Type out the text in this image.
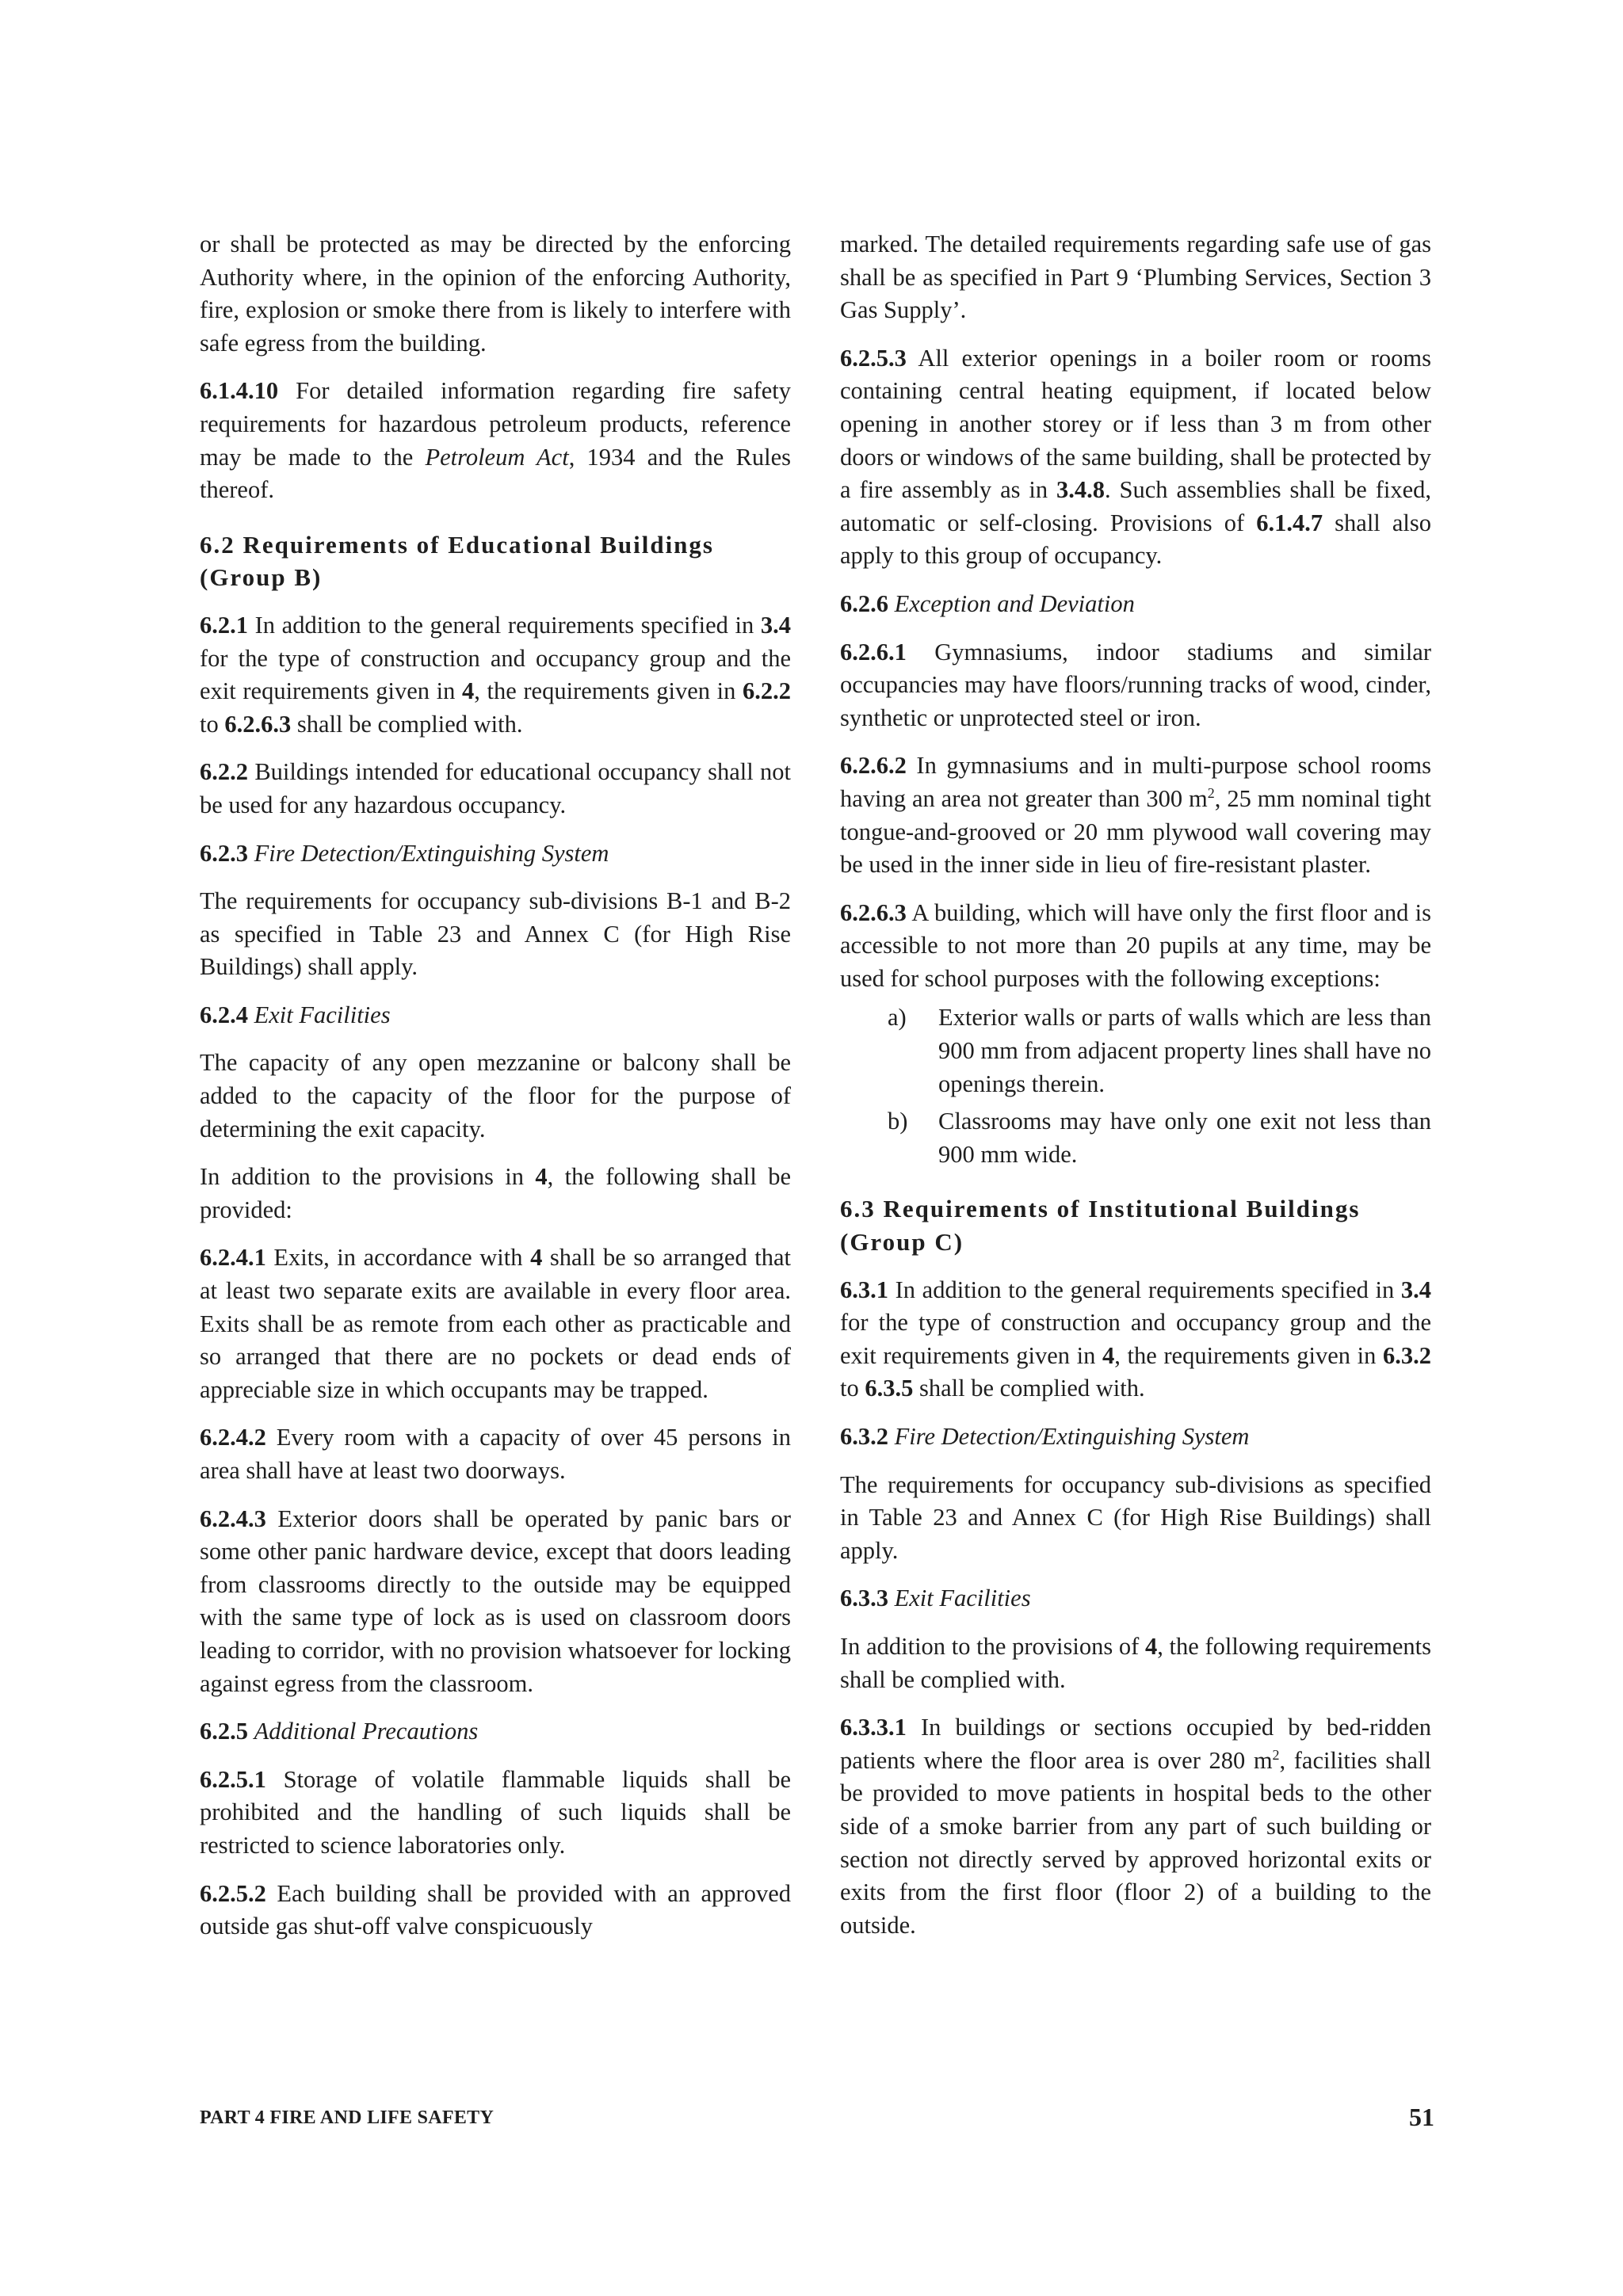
or shall be protected as may be directed by the enforcing Authority where, in the opinion of the enforcing Authority, fire, explosion or smoke there from is likely to interfere with safe egress from the building.

6.1.4.10 For detailed information regarding fire safety requirements for hazardous petroleum products, reference may be made to the Petroleum Act, 1934 and the Rules thereof.

6.2 Requirements of Educational Buildings (Group B)

6.2.1 In addition to the general requirements specified in 3.4 for the type of construction and occupancy group and the exit requirements given in 4, the requirements given in 6.2.2 to 6.2.6.3 shall be complied with.

6.2.2 Buildings intended for educational occupancy shall not be used for any hazardous occupancy.

6.2.3 Fire Detection/Extinguishing System

The requirements for occupancy sub-divisions B-1 and B-2 as specified in Table 23 and Annex C (for High Rise Buildings) shall apply.

6.2.4 Exit Facilities

The capacity of any open mezzanine or balcony shall be added to the capacity of the floor for the purpose of determining the exit capacity.

In addition to the provisions in 4, the following shall be provided:

6.2.4.1 Exits, in accordance with 4 shall be so arranged that at least two separate exits are available in every floor area. Exits shall be as remote from each other as practicable and so arranged that there are no pockets or dead ends of appreciable size in which occupants may be trapped.

6.2.4.2 Every room with a capacity of over 45 persons in area shall have at least two doorways.

6.2.4.3 Exterior doors shall be operated by panic bars or some other panic hardware device, except that doors leading from classrooms directly to the outside may be equipped with the same type of lock as is used on classroom doors leading to corridor, with no provision whatsoever for locking against egress from the classroom.

6.2.5 Additional Precautions

6.2.5.1 Storage of volatile flammable liquids shall be prohibited and the handling of such liquids shall be restricted to science laboratories only.

6.2.5.2 Each building shall be provided with an approved outside gas shut-off valve conspicuously

marked. The detailed requirements regarding safe use of gas shall be as specified in Part 9 ‘Plumbing Services, Section 3 Gas Supply’.

6.2.5.3 All exterior openings in a boiler room or rooms containing central heating equipment, if located below opening in another storey or if less than 3 m from other doors or windows of the same building, shall be protected by a fire assembly as in 3.4.8. Such assemblies shall be fixed, automatic or self-closing. Provisions of 6.1.4.7 shall also apply to this group of occupancy.

6.2.6 Exception and Deviation

6.2.6.1 Gymnasiums, indoor stadiums and similar occupancies may have floors/running tracks of wood, cinder, synthetic or unprotected steel or iron.

6.2.6.2 In gymnasiums and in multi-purpose school rooms having an area not greater than 300 $m^2$, 25 mm nominal tight tongue-and-grooved or 20 mm plywood wall covering may be used in the inner side in lieu of fire-resistant plaster.

6.2.6.3 A building, which will have only the first floor and is accessible to not more than 20 pupils at any time, may be used for school purposes with the following exceptions:

a) Exterior walls or parts of walls which are less than 900 mm from adjacent property lines shall have no openings therein.
b) Classrooms may have only one exit not less than 900 mm wide.
6.3 Requirements of Institutional Buildings (Group C)

6.3.1 In addition to the general requirements specified in 3.4 for the type of construction and occupancy group and the exit requirements given in 4, the requirements given in 6.3.2 to 6.3.5 shall be complied with.

6.3.2 Fire Detection/Extinguishing System

The requirements for occupancy sub-divisions as specified in Table 23 and Annex C (for High Rise Buildings) shall apply.

6.3.3 Exit Facilities

In addition to the provisions of 4, the following requirements shall be complied with.

6.3.3.1 In buildings or sections occupied by bed-ridden patients where the floor area is over 280 $m^2$, facilities shall be provided to move patients in hospital beds to the other side of a smoke barrier from any part of such building or section not directly served by approved horizontal exits or exits from the first floor (floor 2) of a building to the outside.

PART 4 FIRE AND LIFE SAFETY	51
